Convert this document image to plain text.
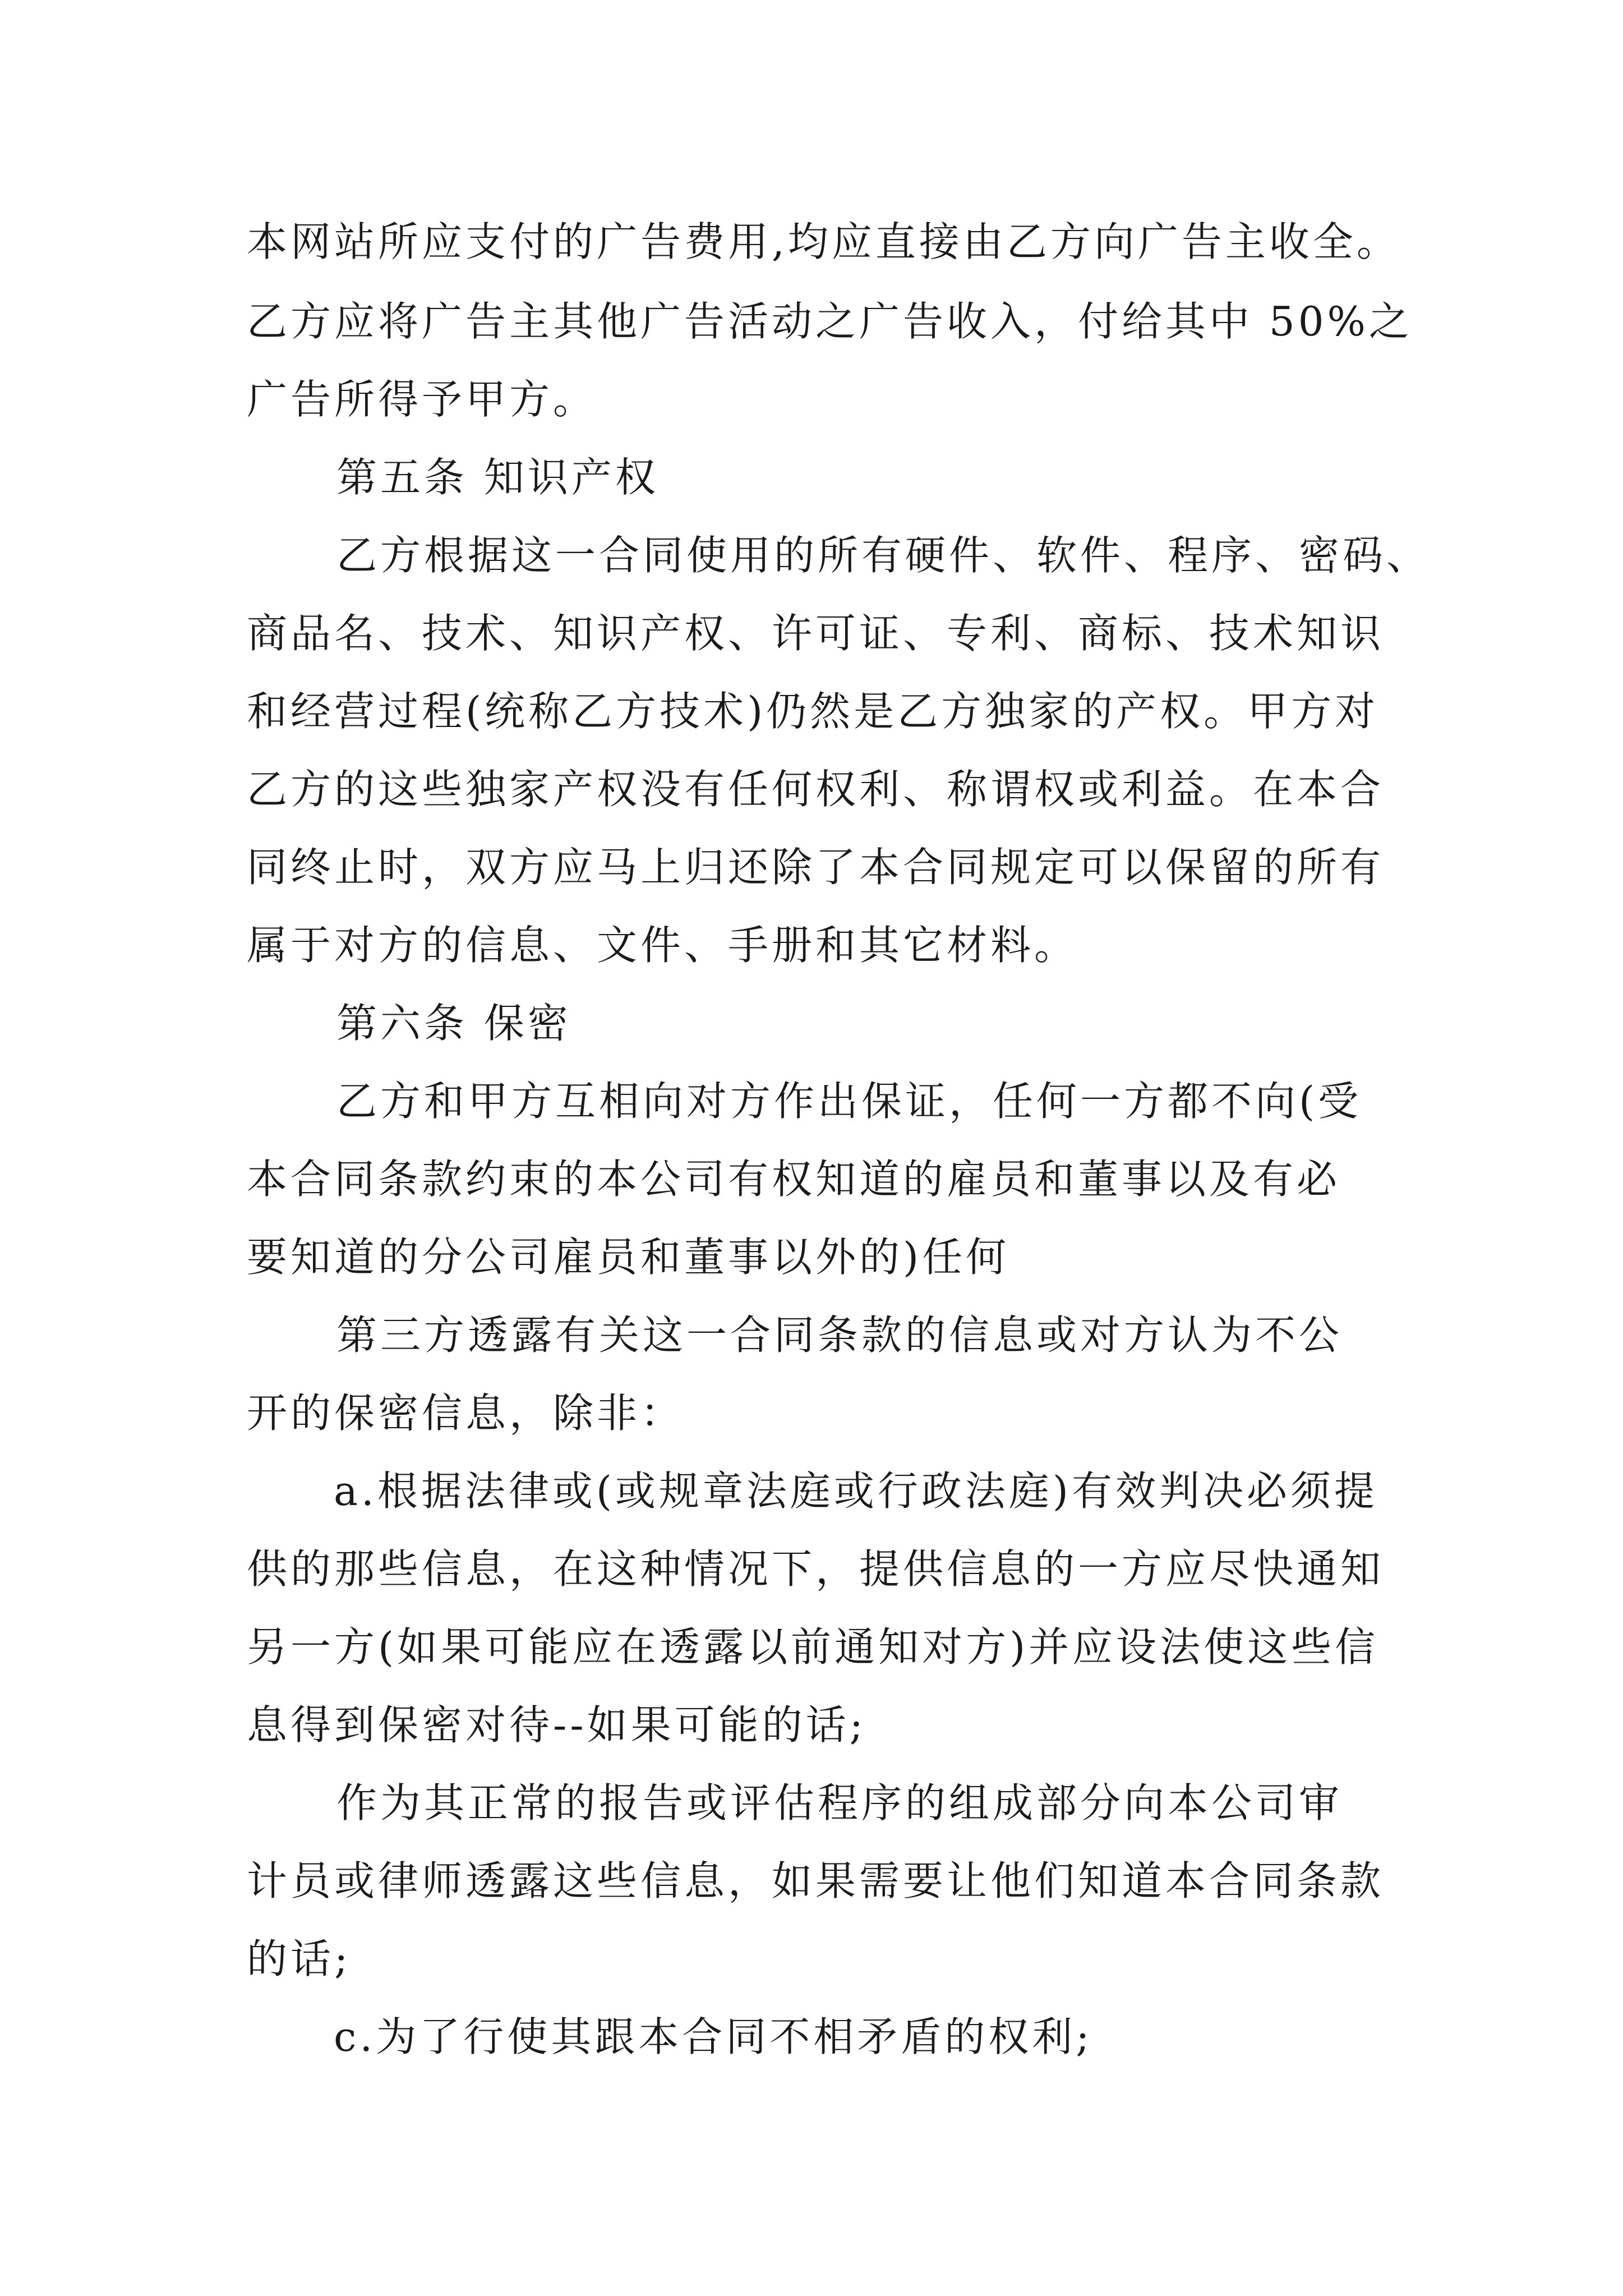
本网站所应支付的广告费用,均应直接由乙方向广告主收全。

乙方应将广告主其他广告活动之广告收入，付给其中 50%之

广告所得予甲方。

第五条 知识产权

乙方根据这一合同使用的所有硬件、软件、程序、密码、

商品名、技术、知识产权、许可证、专利、商标、技术知识

和经营过程(统称乙方技术)仍然是乙方独家的产权。甲方对

乙方的这些独家产权没有任何权利、称谓权或利益。在本合

同终止时，双方应马上归还除了本合同规定可以保留的所有

属于对方的信息、文件、手册和其它材料。

第六条 保密

乙方和甲方互相向对方作出保证，任何一方都不向(受

本合同条款约束的本公司有权知道的雇员和董事以及有必

要知道的分公司雇员和董事以外的)任何

第三方透露有关这一合同条款的信息或对方认为不公

开的保密信息，除非：

a.根据法律或(或规章法庭或行政法庭)有效判决必须提

供的那些信息，在这种情况下，提供信息的一方应尽快通知

另一方(如果可能应在透露以前通知对方)并应设法使这些信

息得到保密对待--如果可能的话;

作为其正常的报告或评估程序的组成部分向本公司审

计员或律师透露这些信息，如果需要让他们知道本合同条款

的话;

c.为了行使其跟本合同不相矛盾的权利;
